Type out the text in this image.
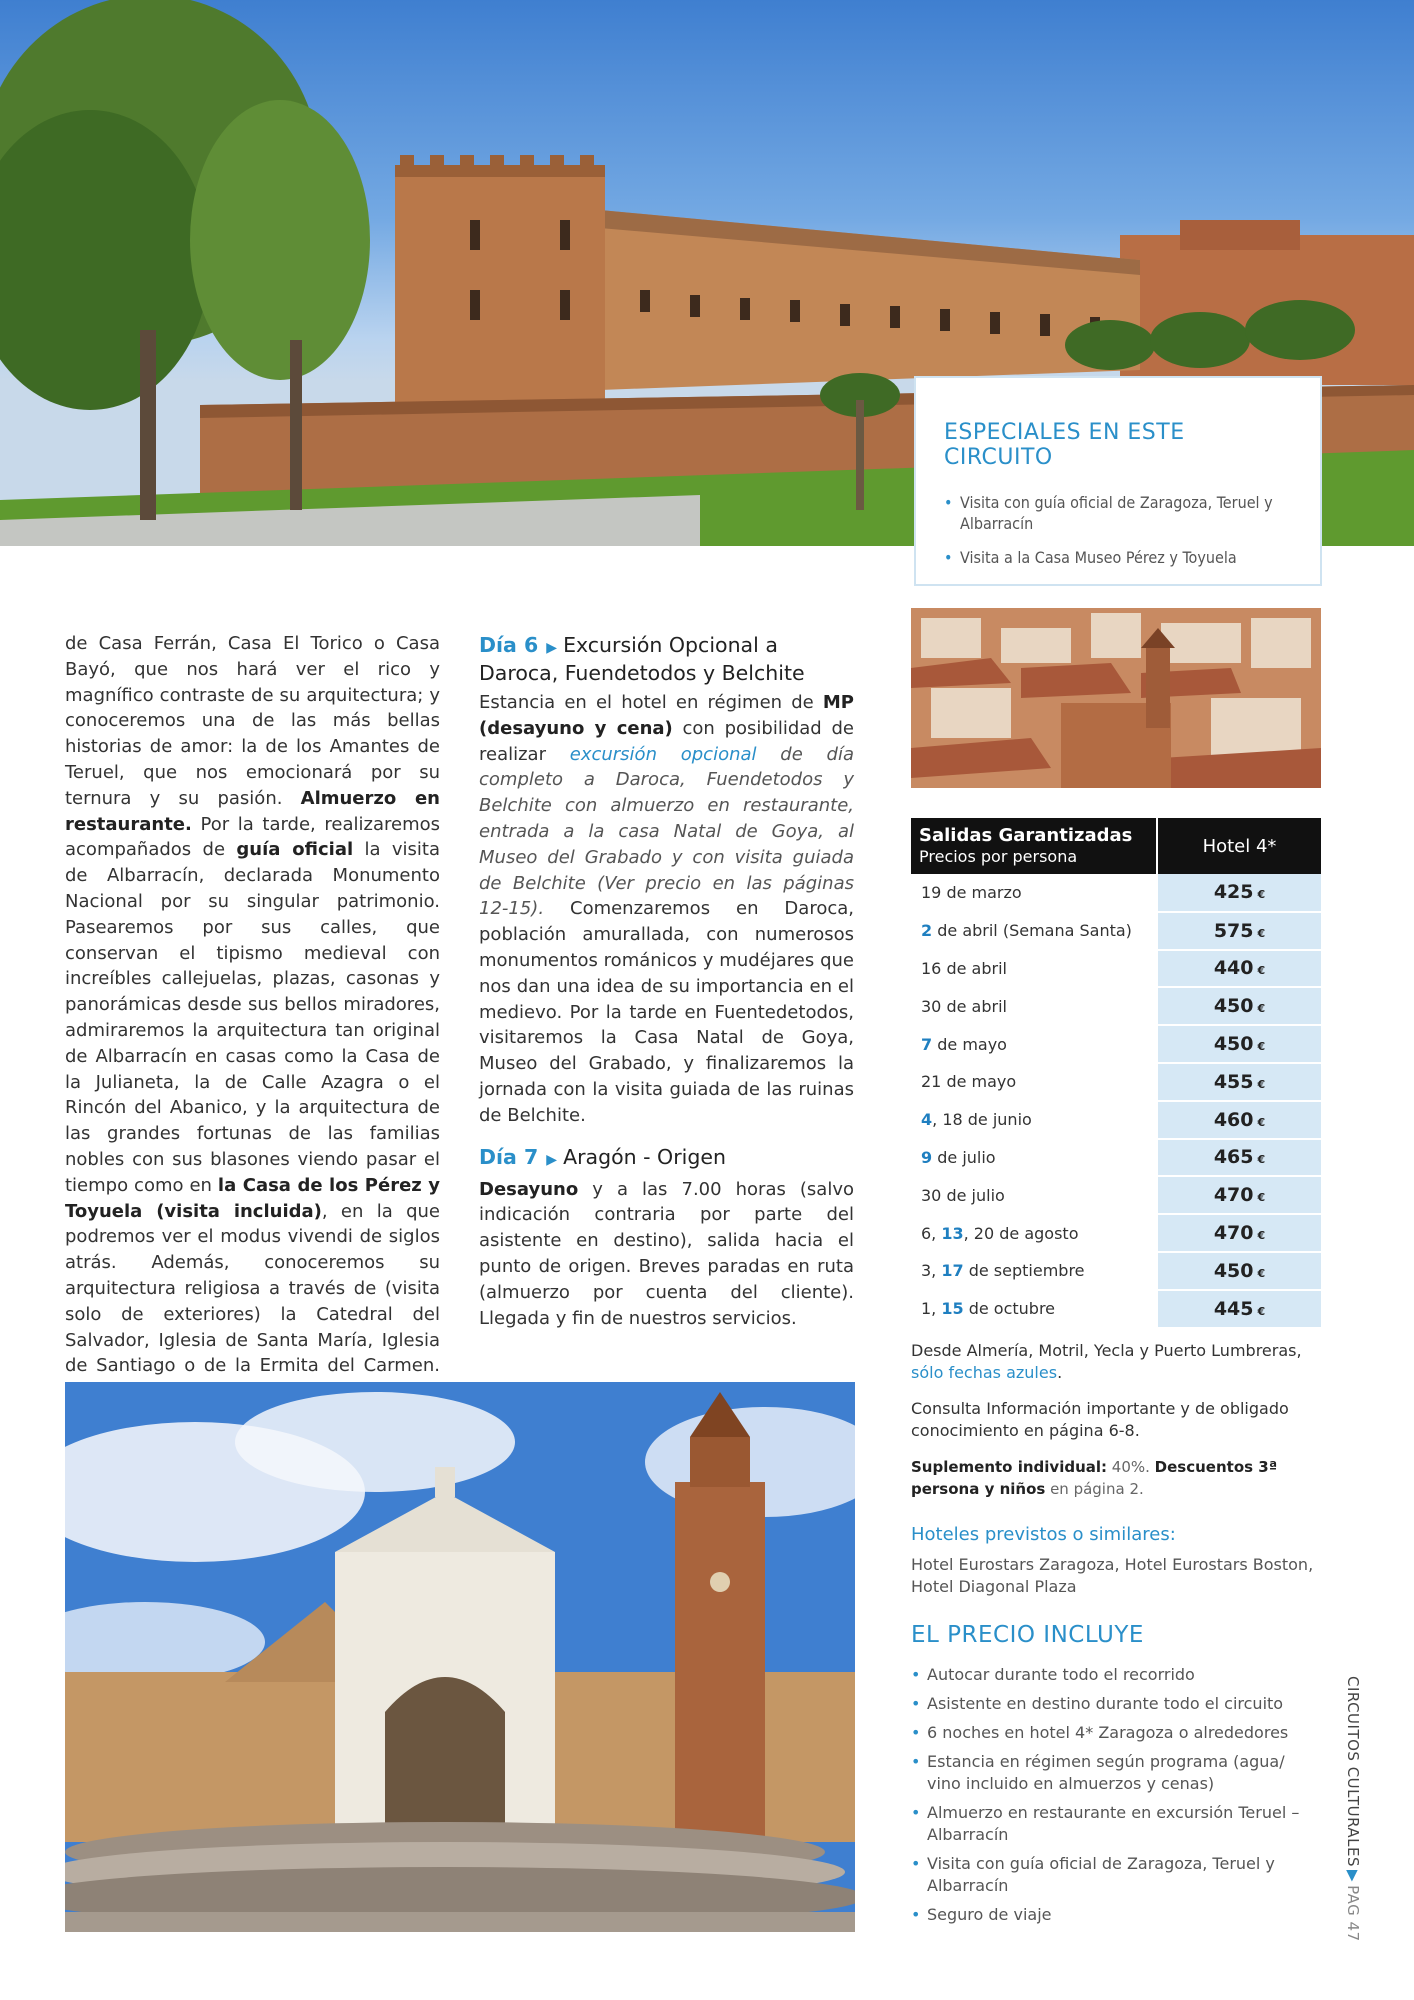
ESPECIALES EN ESTE CIRCUITO
• Visita con guía oficial de Zaragoza, Teruel y Albarracín
• Visita a la Casa Museo Pérez y Toyuela
de Casa Ferrán, Casa El Torico o Casa Bayó, que nos hará ver el rico y magnífico contraste de su arquitectura; y conoceremos una de las más bellas historias de amor: la de los Amantes de Teruel, que nos emocionará por su ternura y su pasión. Almuerzo en restaurante. Por la tarde, realizaremos acompañados de guía oficial la visita de Albarracín, declarada Monumento Nacional por su singular patrimonio. Pasearemos por sus calles, que conservan el tipismo medieval con increíbles callejuelas, plazas, casonas y panorámicas desde sus bellos miradores, admiraremos la arquitectura tan original de Albarracín en casas como la Casa de la Julianeta, la de Calle Azagra o el Rincón del Abanico, y la arquitectura de las grandes fortunas de las familias nobles con sus blasones viendo pasar el tiempo como en la Casa de los Pérez y Toyuela (visita incluida), en la que podremos ver el modus vivendi de siglos atrás. Además, conoceremos su arquitectura religiosa a través de (visita solo de exteriores) la Catedral del Salvador, Iglesia de Santa María, Iglesia de Santiago o de la Ermita del Carmen.
Día 6 ▶ Excursión Opcional a Daroca, Fuendetodos y Belchite

Estancia en el hotel en régimen de MP (desayuno y cena) con posibilidad de realizar excursión opcional de día completo a Daroca, Fuendetodos y Belchite con almuerzo en restaurante, entrada a la casa Natal de Goya, al Museo del Grabado y con visita guiada de Belchite (Ver precio en las páginas 12-15). Comenzaremos en Daroca, población amurallada, con numerosos monumentos románicos y mudéjares que nos dan una idea de su importancia en el medievo. Por la tarde en Fuentedetodos, visitaremos la Casa Natal de Goya, Museo del Grabado, y finalizaremos la jornada con la visita guiada de las ruinas de Belchite.

Día 7 ▶ Aragón - Origen

Desayuno y a las 7.00 horas (salvo indicación contraria por parte del asistente en destino), salida hacia el punto de origen. Breves paradas en ruta (almuerzo por cuenta del cliente). Llegada y fin de nuestros servicios.

Salidas Garantizadas
Precios por persona	Hotel 4*
19 de marzo	425 €
2 de abril (Semana Santa)	575 €
16 de abril	440 €
30 de abril	450 €
7 de mayo	450 €
21 de mayo	455 €
4, 18 de junio	460 €
9 de julio	465 €
30 de julio	470 €
6, 13, 20 de agosto	470 €
3, 17 de septiembre	450 €
1, 15 de octubre	445 €
Desde Almería, Motril, Yecla y Puerto Lumbreras, sólo fechas azules.
Consulta Información importante y de obligado conocimiento en página 6-8.
Suplemento individual: 40%. Descuentos 3ª persona y niños en página 2.
Hoteles previstos o similares:
Hotel Eurostars Zaragoza, Hotel Eurostars Boston, Hotel Diagonal Plaza
EL PRECIO INCLUYE
• Autocar durante todo el recorrido
• Asistente en destino durante todo el circuito
• 6 noches en hotel 4* Zaragoza o alrededores
• Estancia en régimen según programa (agua/ vino incluido en almuerzos y cenas)
• Almuerzo en restaurante en excursión Teruel – Albarracín
• Visita con guía oficial de Zaragoza, Teruel y Albarracín
• Seguro de viaje
CIRCUITOS CULTURALES▶PAG 47
